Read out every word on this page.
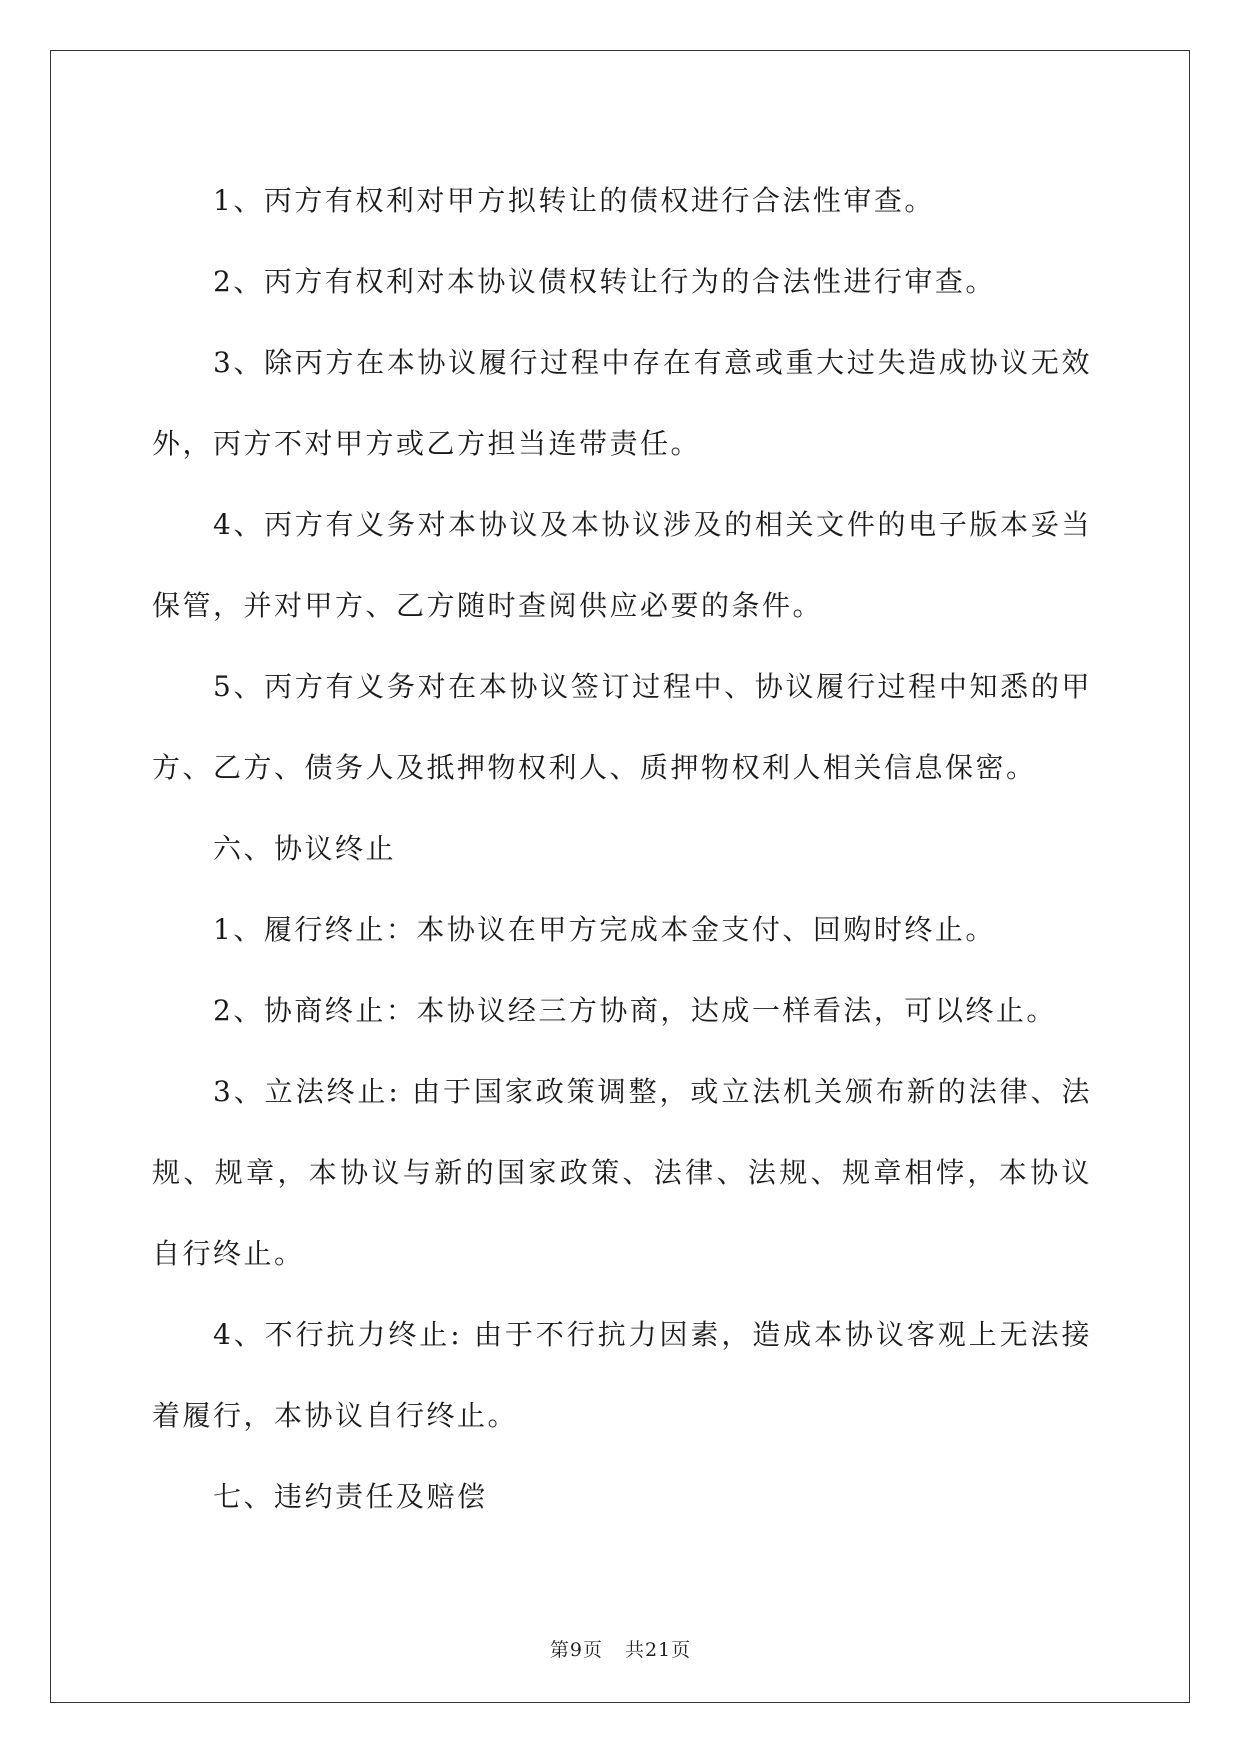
1、丙方有权利对甲方拟转让的债权进行合法性审查。

2、丙方有权利对本协议债权转让行为的合法性进行审查。

3、除丙方在本协议履行过程中存在有意或重大过失造成协议无效外，丙方不对甲方或乙方担当连带责任。

4、丙方有义务对本协议及本协议涉及的相关文件的电子版本妥当保管，并对甲方、乙方随时查阅供应必要的条件。

5、丙方有义务对在本协议签订过程中、协议履行过程中知悉的甲方、乙方、债务人及抵押物权利人、质押物权利人相关信息保密。

六、协议终止

1、履行终止：本协议在甲方完成本金支付、回购时终止。

2、协商终止：本协议经三方协商，达成一样看法，可以终止。

3、立法终止: 由于国家政策调整，或立法机关颁布新的法律、法规、规章，本协议与新的国家政策、法律、法规、规章相悖，本协议自行终止。

4、不行抗力终止: 由于不行抗力因素，造成本协议客观上无法接着履行，本协议自行终止。

七、违约责任及赔偿

第9页 共21页
